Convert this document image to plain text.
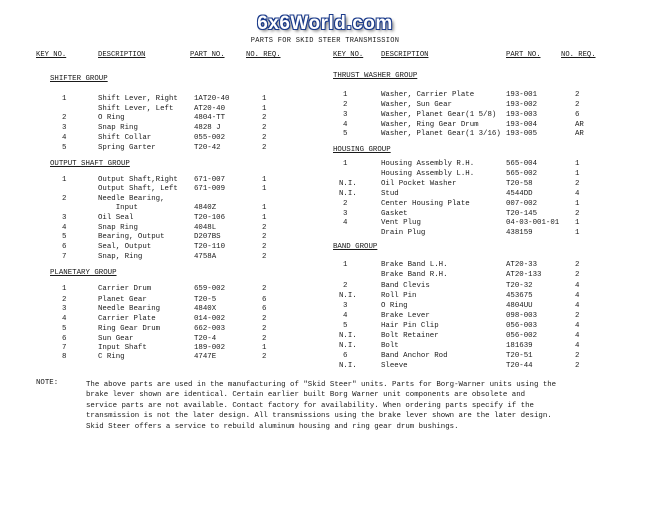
6x6World.com
PARTS FOR SKID STEER TRANSMISSION
KEY NO.	DESCRIPTION	PART NO.	NO. REQ.	KEY NO. DESCRIPTION	PART NO.	NO. REQ.
SHIFTER GROUP
1	Shift Lever, Right 1AT20-40	1
Shift Lever, Left	AT20-40	1
2	O Ring	4804-TT	2
3	Snap Ring	4828 J	2
4	Shift Collar	055-002	2
5	Spring Garter	T20-42	2
OUTPUT SHAFT GROUP
1	Output Shaft,Right 671-007	1
Output Shaft, Left 671-009	1
2	Needle Bearing,
Input	4840Z	1
3	Oil Seal	T20-106	1
4	Snap Ring	4048L	2
5	Bearing, Output	D207BS	2
6	Seal, Output	T20-110	2
7	Snap, Ring	4758A	2
PLANETARY GROUP
1	Carrier Drum	659-002	2
2	Planet Gear	T20-5	6
3	Needle Bearing	4840X	6
4	Carrier Plate	014-002	2
5	Ring Gear Drum	662-003	2
6	Sun Gear	T20-4	2
7	Input Shaft	189-002	1
8	C Ring	4747E	2
THRUST WASHER GROUP
1	Washer, Carrier Plate	193-001	2
2	Washer, Sun Gear	193-002	2
3	Washer, Planet Gear(1 5/8) 193-003	6
4	Washer, Ring Gear Drum	193-004	AR
5	Washer, Planet Gear(1 3/16) 193-005	AR
HOUSING GROUP
1	Housing Assembly R.H.	565-004	1
Housing Assembly L.H.	565-002	1
N.I.	Oil Pocket Washer	T20-58	2
N.I.	Stud	4544DD	4
2	Center Housing Plate	007-002	1
3	Gasket	T20-145	2
4	Vent Plug	04-03-001-01 1
Drain Plug	438159	1
BAND GROUP
1	Brake Band L.H.	AT20-33	2
Brake Band R.H.	AT20-133	2
2	Band Clevis	T20-32	4
N.I.	Roll Pin	453675	4
3	O Ring	4804UU	4
4	Brake Lever	098-003	2
5	Hair Pin Clip	056-003	4
N.I.	Bolt Retainer	056-002	4
N.I.	Bolt	181639	4
6	Band Anchor Rod	T20-51	2
N.I.	Sleeve	T20-44	2
NOTE:	The above parts are used in the manufacturing of "Skid Steer" units. Parts for Borg-Warner units using the
brake lever shown are identical. Certain earlier built Borg Warner unit components are obsolete and
service parts are not available. Contact factory for availability. When ordering parts specify if the
transmission is not the later design. All transmissions using the brake lever shown are the later design.
Skid Steer offers a service to rebuild aluminum housing and ring gear drum bushings.
